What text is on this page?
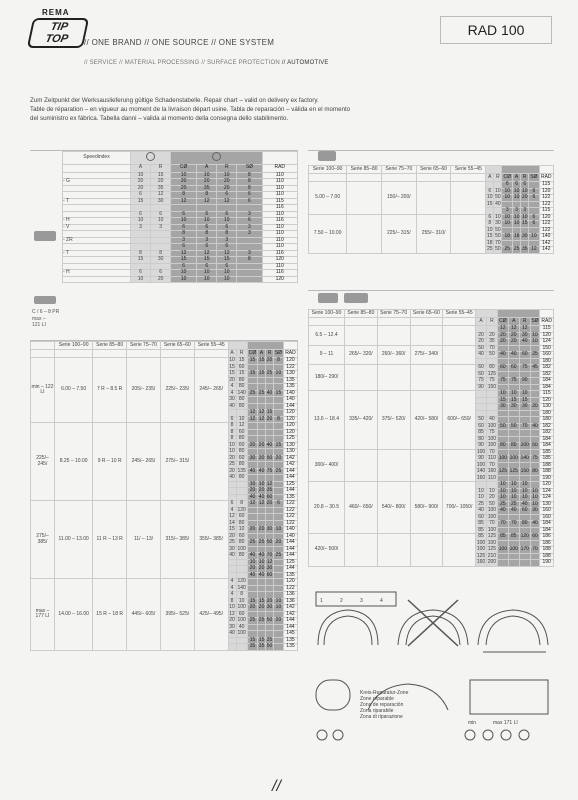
REMA
TIP
TOP // ONE BRAND // ONE SOURCE // ONE SYSTEM
// SERVICE // MATERIAL PROCESSING // SURFACE PROTECTION // AUTOMOTIVE
RAD 100
Zum Zeitpunkt der Werksauslieferung gültige Schadenstabelle. Repair chart – valid on delivery ex factory.
Table de réparation – en vigueur au moment de la livraison départ usine. Tabla de reparación – válida en el momento
del suministro ex fábrica. Tabella danni – valida al momento della consegna dello stabilimento.
C / 6 – 8 PR
max – 121 LI
Speedindex							
	A	R	CØ	A	R	SØ	RAD
	10	15	10	10	10	8	110
- G	20	20	20	20	20	8	110
	20	35	20	35	20	8	110
	6	12	8	8	6	6	110
- T	15	30	12	12	12	6	115
							116
	6	6	6	6	6	3	110
- H	10	10	10	10	10	6	116
- V	3	3	6	6	6	3	110
			8	8	8	3	110
- ZR			3	3	3		110
			6	6	6		110
- T	8	8	12	12	12	3	116
	15	30	15	15	15	8	120
			6	6	6		110
- H	6	6	10	10	10		116
	10	20	10	10	10		120
	Serie 100–90	Serie 85–80	Serie 75–70	Serie 65–60	Serie 55–45							
						A	R	CØ	A	R	SØ	RAD
min – 122 LI	6.00 – 7.50	7 R – 8.5 R	205/– 235/	225/– 235/	245/– 265/	10	15	15	15	20	8	120
						15	60					122
						15	15	15	15	25	10	130
						20	80					135
						4	80					135
						4	140	25	25	40	15	140
						30	80					140
						40	80					144
								12	12	15		120
						6	10	12	12	20	8	120
225/– 245/	8.25 – 10.00	9 R – 10 R	245/– 265/	275/– 315/		8	12					120
						8	60					120
						8	80					125
						10	60	20	20	40	15	130
						10	80					130
						20	60	30	30	50	20	142
						25	80					142
						20	135	40	40	75	25	144
						40	80					144
								10	10	12		125
								20	20	35		144
								40	40	60		135
275/– 385/	11.00 – 13.00	11 R – 13 R	11/ – 13/	315/– 385/	355/– 385/	6	8	12	12	20	6	122
						4	120					122
						12	60					122
						14	80					122
						15	10	20	20	30	10	140
						20	60					140
						25	80	25	25	50	20	144
						30	100					144
						40	80	40	40	70	25	144
								10	10	12		125
								20	20	30		144
								40	40	60		135
max – 177 LI	14.00 – 16.00	15 R – 18 R	445/– 605/	395/– 525/	425/– 495/	4	120					120
						4	140					122
						4	8					136
						8	10	15	15	20	10	136
						10	100	20	20	30	10	142
						12	60					142
						20	100	25	25	50	20	144
						30	40					144
						40	100					145
								15	15	25		135
								35	35	50		135
Serie 100–90	Serie 85–80	Serie 75–70	Serie 65–60	Serie 55–45							
					A	R	CØ	A	R	SØ	RAD
5.00 – 7.00		150/– 200/					6	6	6		115
					6	10	10	10	10	6	120
					10	50	10	10	20	6	122
					15	40					122
							3	3	3		115
7.50 – 10.00		225/– 315/	255/– 310/		6	10	10	10	10	6	120
					8	30	10	10	15	6	122
					10	50					122
					15	50	18	18	30	10	140
					18	70					142
					25	50	25	25	35	12	142
Serie 100–90	Serie 85–80	Serie 75–70	Serie 65–60	Serie 55–45							
					A	R	CØ	A	R	SØ	RAD
6.5 – 12.4							12	12	12		115
					20	20	20	20	30	10	120
					20	35	20	20	40	10	124
9 – 11	265/– 320/	260/– 360/	275/– 340/		50	70					150
					40	50	40	40	60	25	160
											180
180/– 290/					60	80	60	60	75	45	182
					60	125					182
					75	75	75	75	90		184
					90	150					184
13.6 – 18.4	335/– 420/	375/– 520/	420/– 580/	600/– 650/			10	10	10		115
							15	15	15		120
							30	30	30	20	130
											180
					50	40					180
					60	100	50	50	70	40	182
					85	75					182
					80	100					184
					90	100	80	80	100	50	184
300/– 400/					100	70					185
					90	110	100	100	140	75	185
					100	70					188
					140	160	125	125	150	80	188
					160	110					190
20.8 – 30.5	460/– 650/	540/– 800/	580/– 900/	700/– 1050/			10	10	10		120
					10	10	10	10	10	10	124
					10	20	10	10	10	10	124
					25	50	25	25	40	10	130
					40	100	40	40	60	30	160
					60	100					160
					85	70	70	70	80	40	184
					85	100					184
420/– 500/					85	125	85	85	120	60	186
					100	100					186
					100	125	100	100	170	70	188
					125	210					188
					160	200					190
1	2	3	4
Kreis-Reparatur-Zone
Zone réparable
Zona de reparación
Zona riparabile
Zona di riparazione
min	max 171 LI
//
